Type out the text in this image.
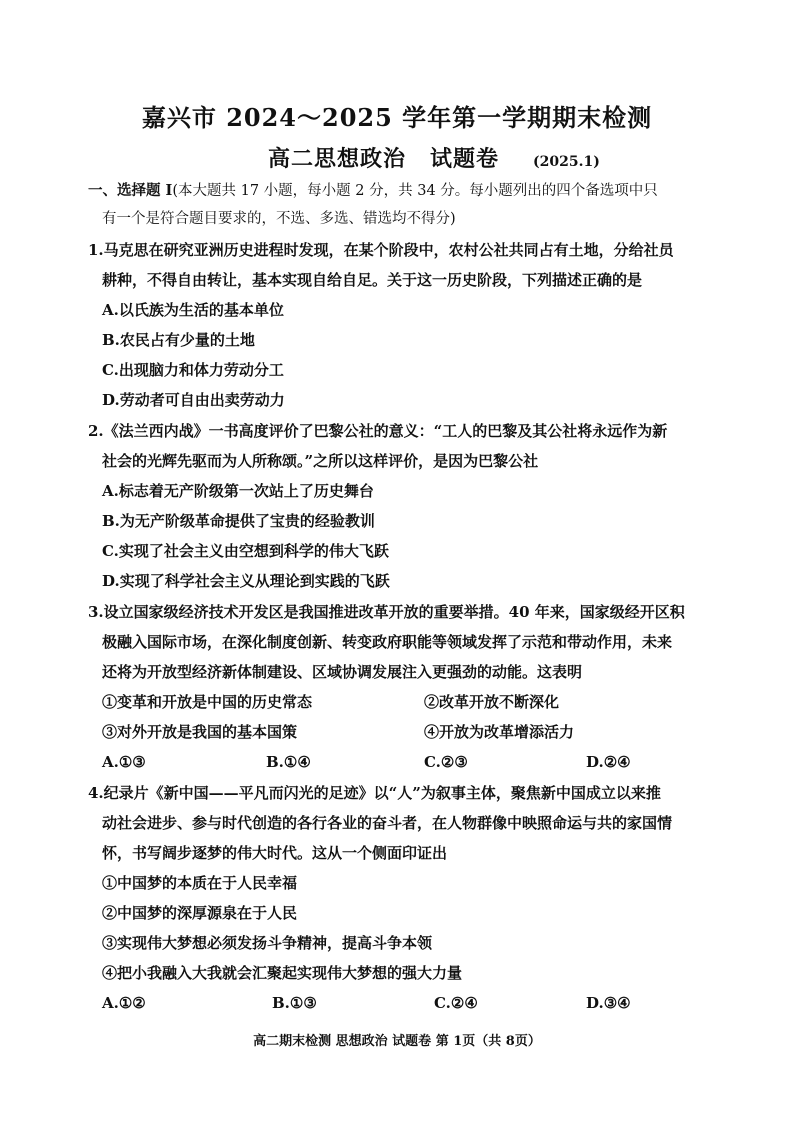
嘉兴市 2024～2025 学年第一学期期末检测
高二思想政治 试题卷 (2025.1)
一、选择题 I(本大题共 17 小题，每小题 2 分，共 34 分。每小题列出的四个备选项中只
有一个是符合题目要求的，不选、多选、错选均不得分)
1.马克思在研究亚洲历史进程时发现，在某个阶段中，农村公社共同占有土地，分给社员
耕种，不得自由转让，基本实现自给自足。关于这一历史阶段，下列描述正确的是
A.以氏族为生活的基本单位
B.农民占有少量的土地
C.出现脑力和体力劳动分工
D.劳动者可自由出卖劳动力
2.《法兰西内战》一书高度评价了巴黎公社的意义：“工人的巴黎及其公社将永远作为新
社会的光辉先驱而为人所称颂。”之所以这样评价，是因为巴黎公社
A.标志着无产阶级第一次站上了历史舞台
B.为无产阶级革命提供了宝贵的经验教训
C.实现了社会主义由空想到科学的伟大飞跃
D.实现了科学社会主义从理论到实践的飞跃
3.设立国家级经济技术开发区是我国推进改革开放的重要举措。40 年来，国家级经开区积
极融入国际市场，在深化制度创新、转变政府职能等领域发挥了示范和带动作用，未来
还将为开放型经济新体制建设、区域协调发展注入更强劲的动能。这表明
①变革和开放是中国的历史常态	②改革开放不断深化
③对外开放是我国的基本国策	④开放为改革增添活力
A.①③	B.①④	C.②③	D.②④
4.纪录片《新中国——平凡而闪光的足迹》以“人”为叙事主体，聚焦新中国成立以来推
动社会进步、参与时代创造的各行各业的奋斗者，在人物群像中映照命运与共的家国情
怀，书写阔步逐梦的伟大时代。这从一个侧面印证出
①中国梦的本质在于人民幸福
②中国梦的深厚源泉在于人民
③实现伟大梦想必须发扬斗争精神，提高斗争本领
④把小我融入大我就会汇聚起实现伟大梦想的强大力量
A.①②	B.①③	C.②④	D.③④
高二期末检测 思想政治 试题卷 第 1页（共 8页）
